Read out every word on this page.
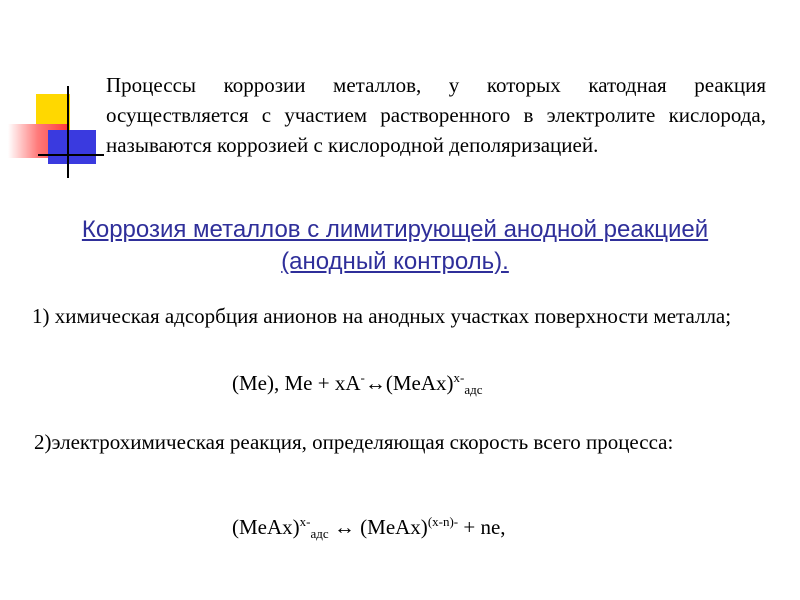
Процессы коррозии металлов, у которых катодная реакция осуществляется с участием растворенного в электролите кислорода, называются коррозией с кислородной деполяризацией.
Коррозия металлов с лимитирующей анодной реакцией (анодный контроль).
1) химическая адсорбция анионов на анодных участках поверхности металла;
(Me), Me + xA-↔(MeAx)$^{x-}_{адс}$
2)электрохимическая реакция, определяющая скорость всего процесса:
(MeAx)$^{x-}_{адс}$ ↔ (MeAx)$^{(x-n)-}$ + ne,
